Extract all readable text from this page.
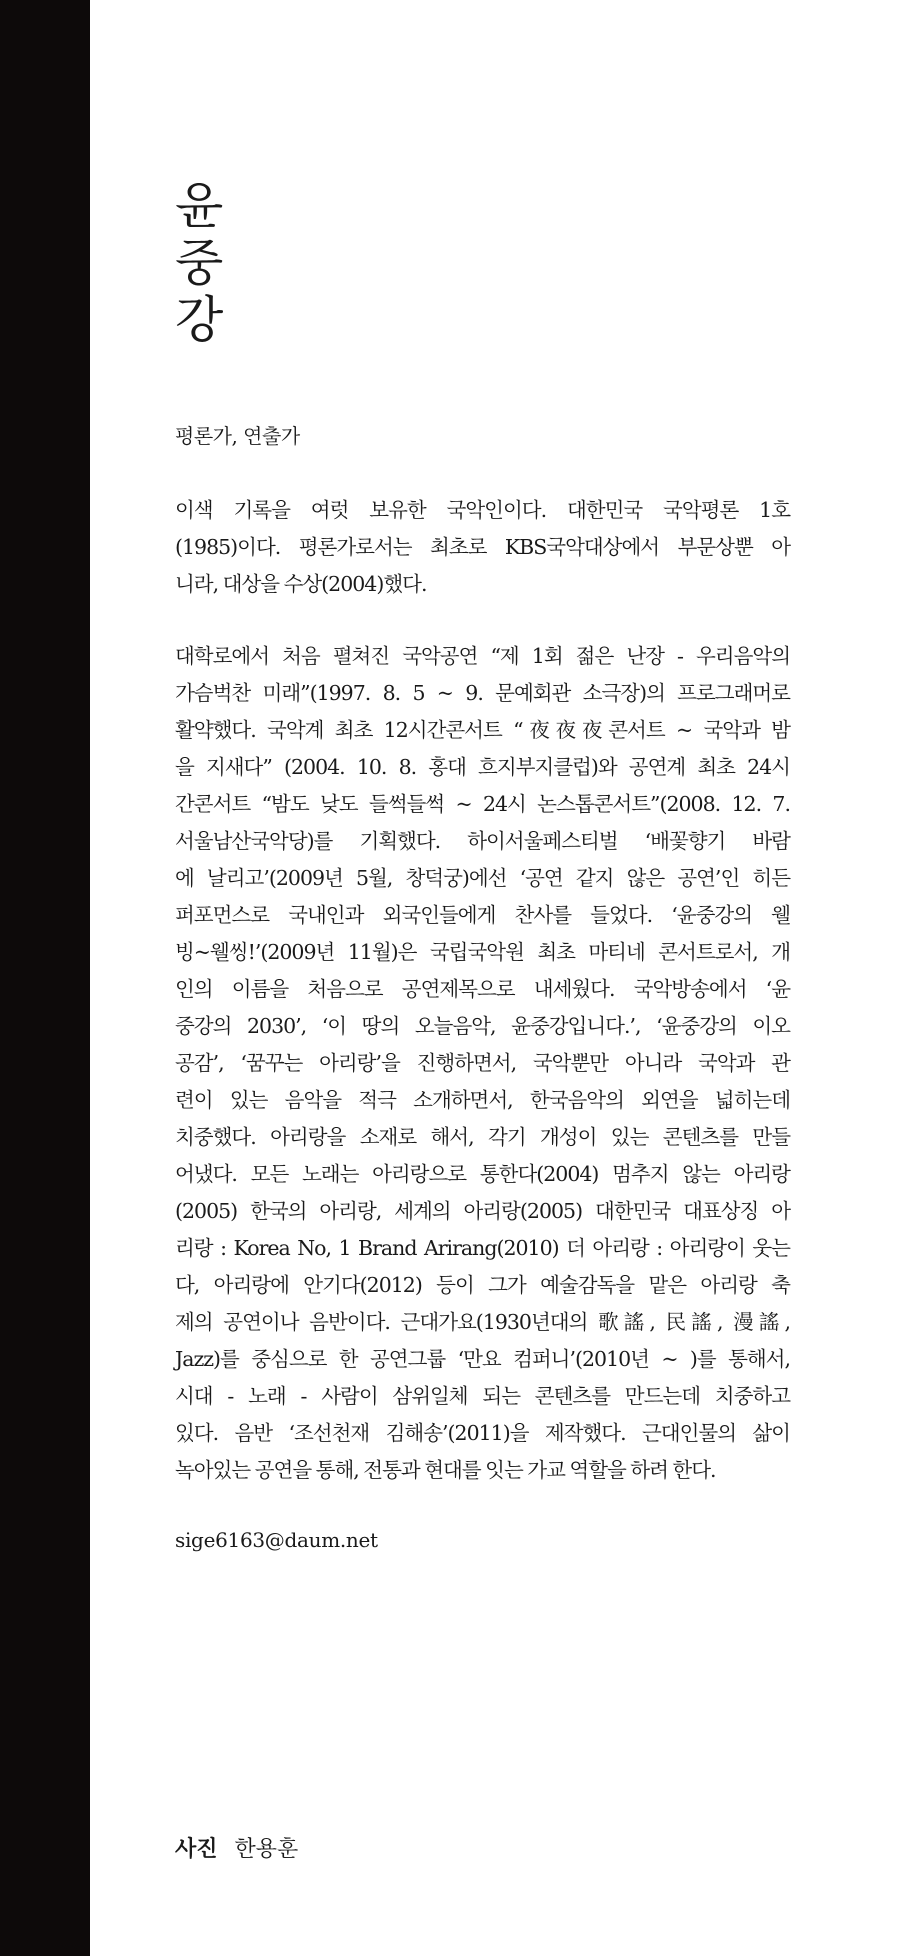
윤
중
강
평론가, 연출가
이색 기록을 여럿 보유한 국악인이다. 대한민국 국악평론 1호
(1985)이다. 평론가로서는 최초로 KBS국악대상에서 부문상뿐 아
니라, 대상을 수상(2004)했다.
대학로에서 처음 펼쳐진 국악공연 “제 1회 젊은 난장 - 우리음악의
가슴벅찬 미래”(1997. 8. 5 ~ 9. 문예회관 소극장)의 프로그래머로
활약했다. 국악계 최초 12시간콘서트 “夜夜夜콘서트 ~ 국악과 밤
을 지새다” (2004. 10. 8. 홍대 흐지부지클럽)와 공연계 최초 24시
간콘서트 “밤도 낮도 들썩들썩 ~ 24시 논스톱콘서트”(2008. 12. 7.
서울남산국악당)를 기획했다. 하이서울페스티벌 ‘배꽃향기 바람
에 날리고’(2009년 5월, 창덕궁)에선 ‘공연 같지 않은 공연’인 히든
퍼포먼스로 국내인과 외국인들에게 찬사를 들었다. ‘윤중강의 웰
빙~웰씽!’(2009년 11월)은 국립국악원 최초 마티네 콘서트로서, 개
인의 이름을 처음으로 공연제목으로 내세웠다. 국악방송에서 ‘윤
중강의 2030’, ‘이 땅의 오늘음악, 윤중강입니다.’, ‘윤중강의 이오
공감’, ‘꿈꾸는 아리랑’을 진행하면서, 국악뿐만 아니라 국악과 관
련이 있는 음악을 적극 소개하면서, 한국음악의 외연을 넓히는데
치중했다. 아리랑을 소재로 해서, 각기 개성이 있는 콘텐츠를 만들
어냈다. 모든 노래는 아리랑으로 통한다(2004) 멈추지 않는 아리랑
(2005) 한국의 아리랑, 세계의 아리랑(2005) 대한민국 대표상징 아
리랑 : Korea No, 1 Brand Arirang(2010) 더 아리랑 : 아리랑이 웃는
다, 아리랑에 안기다(2012) 등이 그가 예술감독을 맡은 아리랑 축
제의 공연이나 음반이다. 근대가요(1930년대의 歌謠, 民謠, 漫謠,
Jazz)를 중심으로 한 공연그룹 ‘만요 컴퍼니’(2010년 ~ )를 통해서,
시대 - 노래 - 사람이 삼위일체 되는 콘텐츠를 만드는데 치중하고
있다. 음반 ‘조선천재 김해송’(2011)을 제작했다. 근대인물의 삶이
녹아있는 공연을 통해, 전통과 현대를 잇는 가교 역할을 하려 한다.
sige6163@daum.net
사진 한용훈
